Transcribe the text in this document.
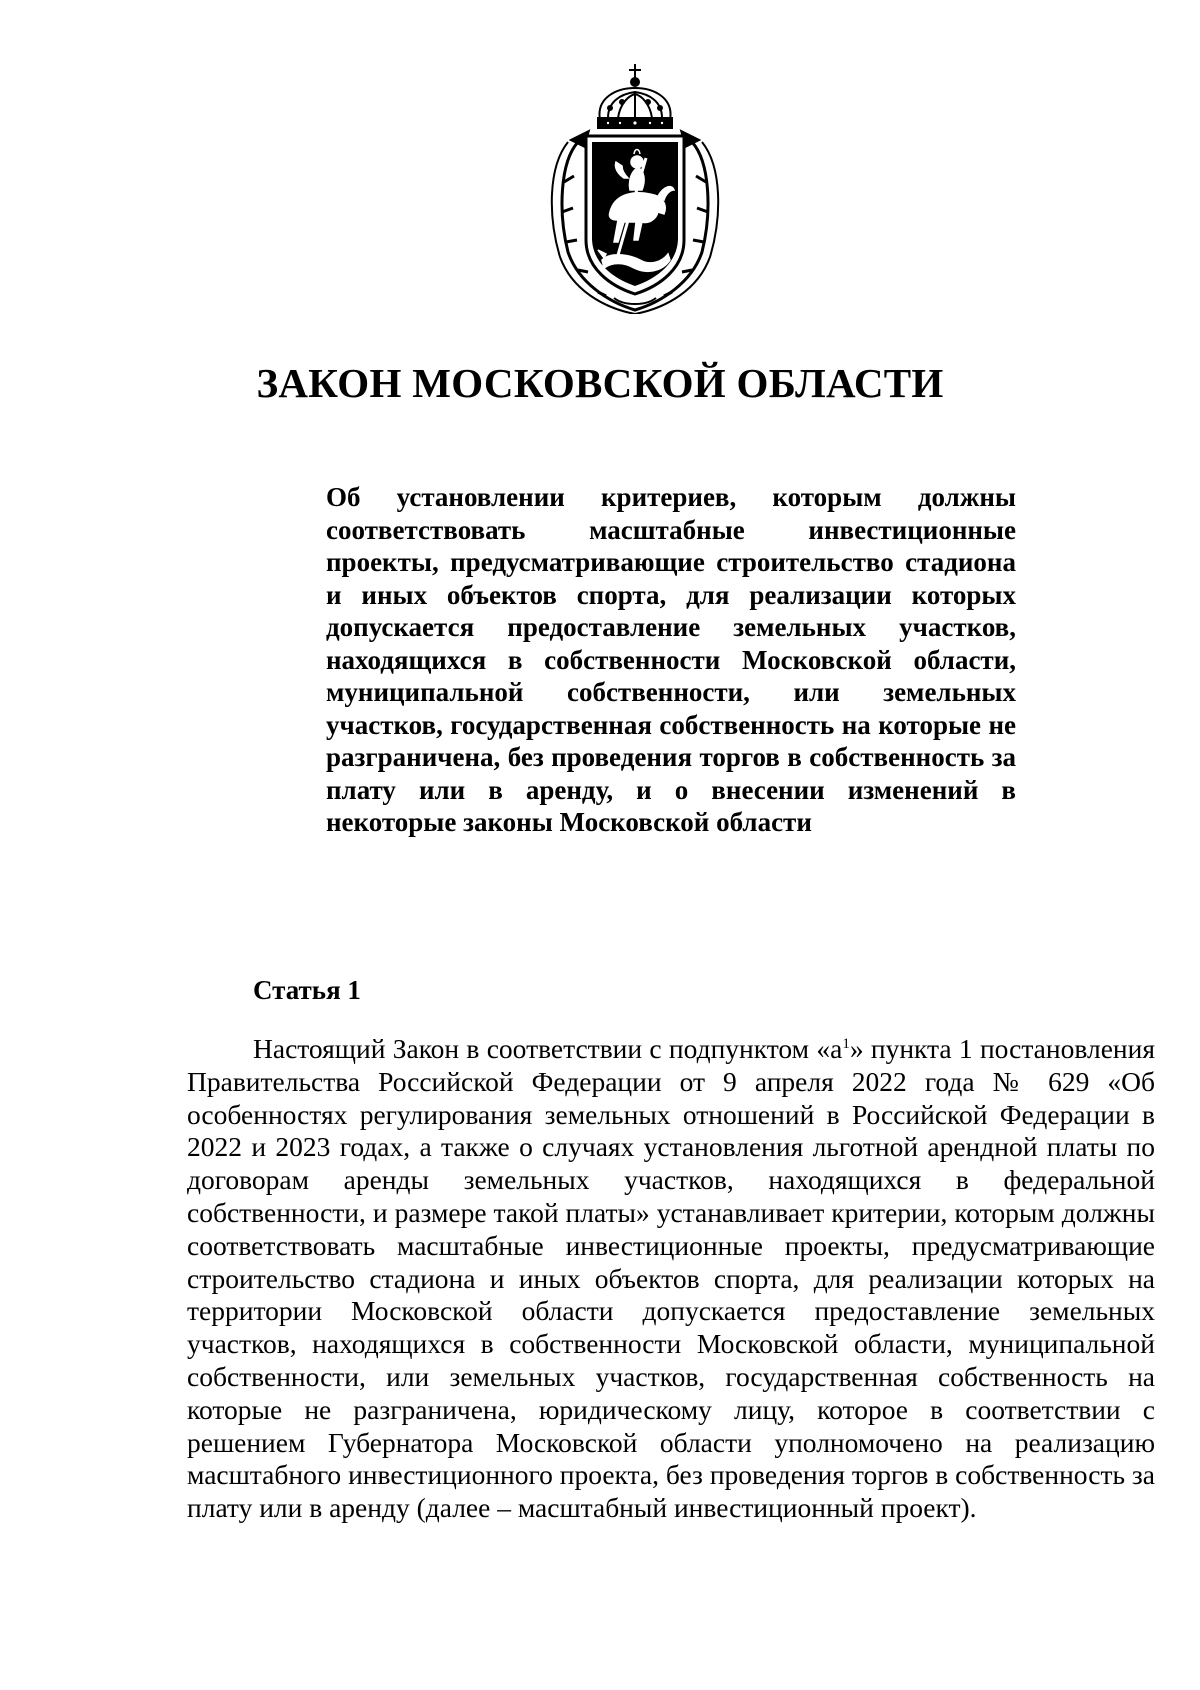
ЗАКОН МОСКОВСКОЙ ОБЛАСТИ

Об установлении критериев, которым должны соответствовать масштабные инвестиционные проекты, предусматривающие строительство стадиона и иных объектов спорта, для реализации которых допускается предоставление земельных участков, находящихся в собственности Московской области, муниципальной собственности, или земельных участков, государственная собственность на которые не разграничена, без проведения торгов в собственность за плату или в аренду, и о внесении изменений в некоторые законы Московской области

Статья 1

Настоящий Закон в соответствии с подпунктом «$а^1$» пункта 1 постановления Правительства Российской Федерации от 9 апреля 2022 года № 629 «Об особенностях регулирования земельных отношений в Российской Федерации в 2022 и 2023 годах, а также о случаях установления льготной арендной платы по договорам аренды земельных участков, находящихся в федеральной собственности, и размере такой платы» устанавливает критерии, которым должны соответствовать масштабные инвестиционные проекты, предусматривающие строительство стадиона и иных объектов спорта, для реализации которых на территории Московской области допускается предоставление земельных участков, находящихся в собственности Московской области, муниципальной собственности, или земельных участков, государственная собственность на которые не разграничена, юридическому лицу, которое в соответствии с решением Губернатора Московской области уполномочено на реализацию масштабного инвестиционного проекта, без проведения торгов в собственность за плату или в аренду (далее – масштабный инвестиционный проект).
